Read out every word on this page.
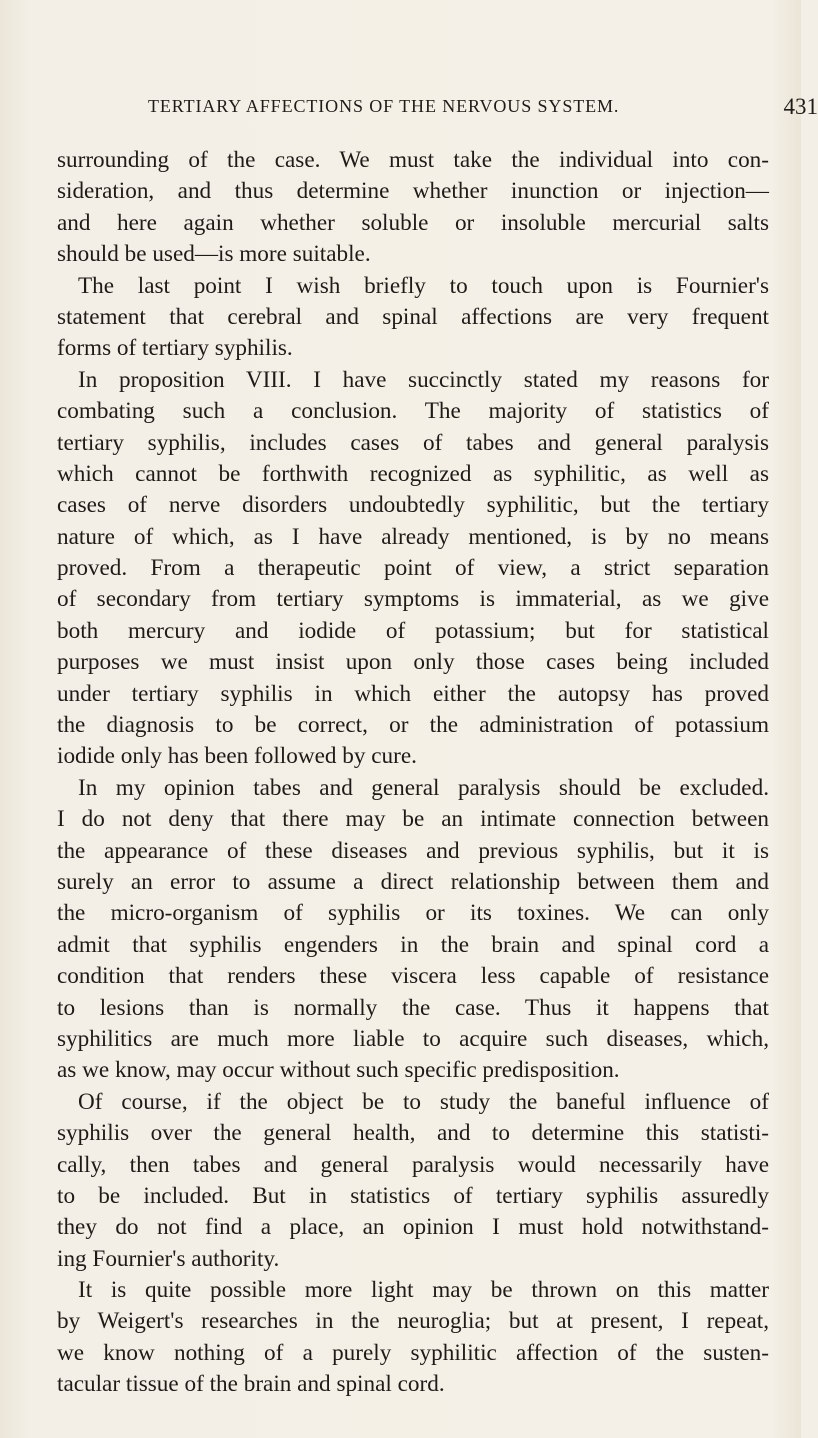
TERTIARY AFFECTIONS OF THE NERVOUS SYSTEM.	431
surrounding of the case. We must take the individual into con-
sideration, and thus determine whether inunction or injection—
and here again whether soluble or insoluble mercurial salts
should be used—is more suitable.
The last point I wish briefly to touch upon is Fournier's
statement that cerebral and spinal affections are very frequent
forms of tertiary syphilis.
In proposition VIII. I have succinctly stated my reasons for
combating such a conclusion. The majority of statistics of
tertiary syphilis, includes cases of tabes and general paralysis
which cannot be forthwith recognized as syphilitic, as well as
cases of nerve disorders undoubtedly syphilitic, but the tertiary
nature of which, as I have already mentioned, is by no means
proved. From a therapeutic point of view, a strict separation
of secondary from tertiary symptoms is immaterial, as we give
both mercury and iodide of potassium; but for statistical
purposes we must insist upon only those cases being included
under tertiary syphilis in which either the autopsy has proved
the diagnosis to be correct, or the administration of potassium
iodide only has been followed by cure.
In my opinion tabes and general paralysis should be excluded.
I do not deny that there may be an intimate connection between
the appearance of these diseases and previous syphilis, but it is
surely an error to assume a direct relationship between them and
the micro-organism of syphilis or its toxines. We can only
admit that syphilis engenders in the brain and spinal cord a
condition that renders these viscera less capable of resistance
to lesions than is normally the case. Thus it happens that
syphilitics are much more liable to acquire such diseases, which,
as we know, may occur without such specific predisposition.
Of course, if the object be to study the baneful influence of
syphilis over the general health, and to determine this statisti-
cally, then tabes and general paralysis would necessarily have
to be included. But in statistics of tertiary syphilis assuredly
they do not find a place, an opinion I must hold notwithstand-
ing Fournier's authority.
It is quite possible more light may be thrown on this matter
by Weigert's researches in the neuroglia; but at present, I repeat,
we know nothing of a purely syphilitic affection of the susten-
tacular tissue of the brain and spinal cord.
